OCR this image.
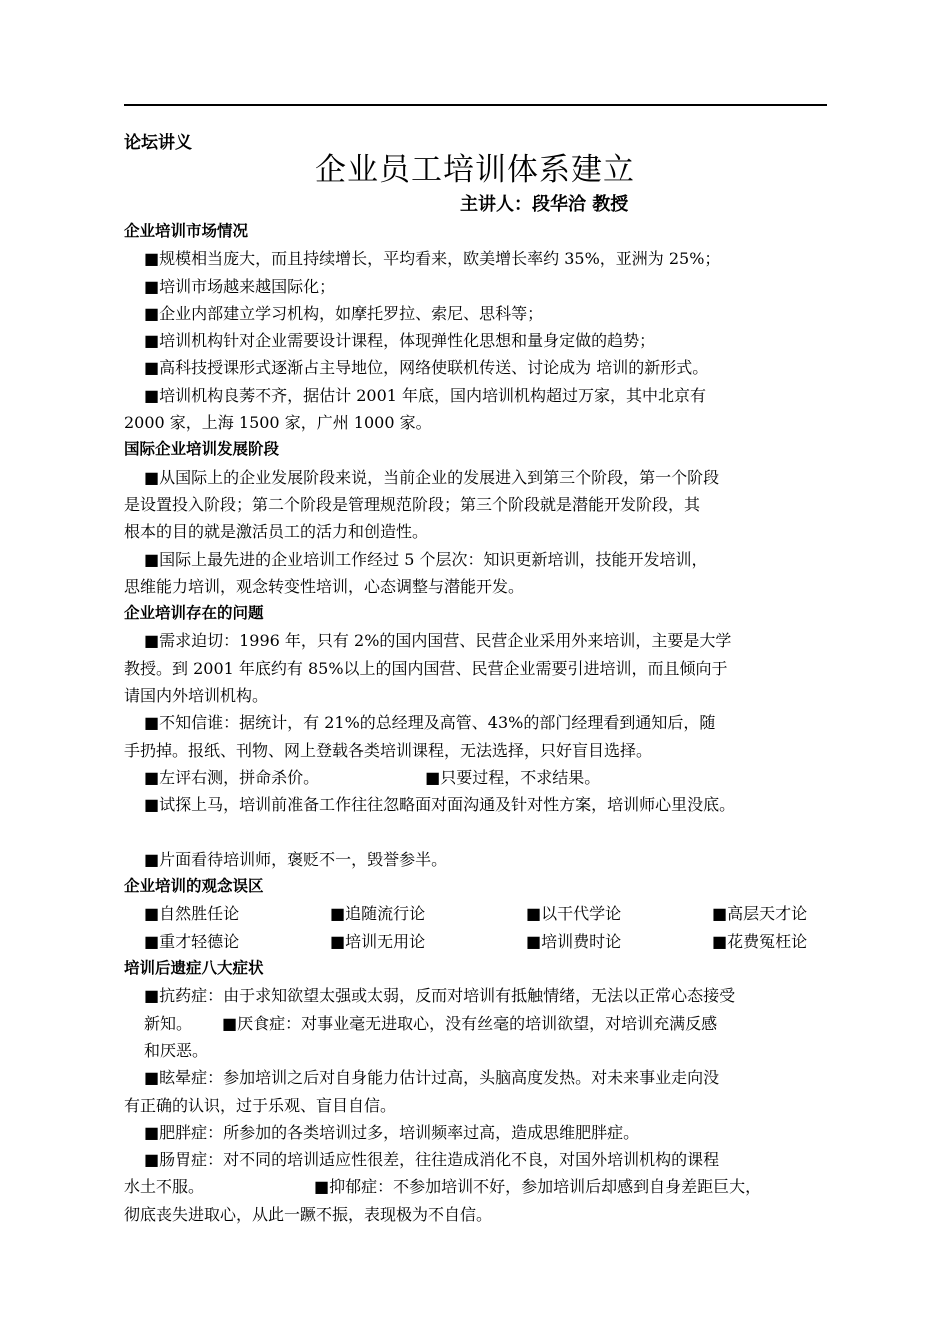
论坛讲义
企业员工培训体系建立
主讲人：段华洽 教授
企业培训市场情况
■规模相当庞大，而且持续增长，平均看来，欧美增长率约 35%，亚洲为 25%；
■培训市场越来越国际化；
■企业内部建立学习机构，如摩托罗拉、索尼、思科等；
■培训机构针对企业需要设计课程，体现弹性化思想和量身定做的趋势；
■高科技授课形式逐渐占主导地位，网络使联机传送、讨论成为 培训的新形式。
■培训机构良莠不齐，据估计 2001 年底，国内培训机构超过万家，其中北京有
2000 家，上海 1500 家，广州 1000 家。
国际企业培训发展阶段
■从国际上的企业发展阶段来说，当前企业的发展进入到第三个阶段，第一个阶段
是设置投入阶段；第二个阶段是管理规范阶段；第三个阶段就是潜能开发阶段，其
根本的目的就是激活员工的活力和创造性。
■国际上最先进的企业培训工作经过 5 个层次：知识更新培训，技能开发培训，
思维能力培训，观念转变性培训，心态调整与潜能开发。
企业培训存在的问题
■需求迫切：1996 年，只有 2%的国内国营、民营企业采用外来培训，主要是大学
教授。到 2001 年底约有 85%以上的国内国营、民营企业需要引进培训，而且倾向于
请国内外培训机构。
■不知信谁：据统计，有 21%的总经理及高管、43%的部门经理看到通知后，随
手扔掉。报纸、刊物、网上登载各类培训课程，无法选择，只好盲目选择。
■左评右测，拼命杀价。	■只要过程，不求结果。
■试探上马，培训前准备工作往往忽略面对面沟通及针对性方案，培训师心里没底。
■片面看待培训师，褒贬不一，毁誉参半。
企业培训的观念误区
■自然胜任论	■追随流行论	■以干代学论	■高层天才论
■重才轻德论	■培训无用论	■培训费时论	■花费冤枉论
培训后遗症八大症状
■抗药症：由于求知欲望太强或太弱，反而对培训有抵触情绪，无法以正常心态接受
新知。 ■厌食症：对事业毫无进取心，没有丝毫的培训欲望，对培训充满反感
和厌恶。
■眩晕症：参加培训之后对自身能力估计过高，头脑高度发热。对未来事业走向没
有正确的认识，过于乐观、盲目自信。
■肥胖症：所参加的各类培训过多，培训频率过高，造成思维肥胖症。
■肠胃症：对不同的培训适应性很差，往往造成消化不良，对国外培训机构的课程
水土不服。	■抑郁症：不参加培训不好，参加培训后却感到自身差距巨大，
彻底丧失进取心，从此一蹶不振，表现极为不自信。
